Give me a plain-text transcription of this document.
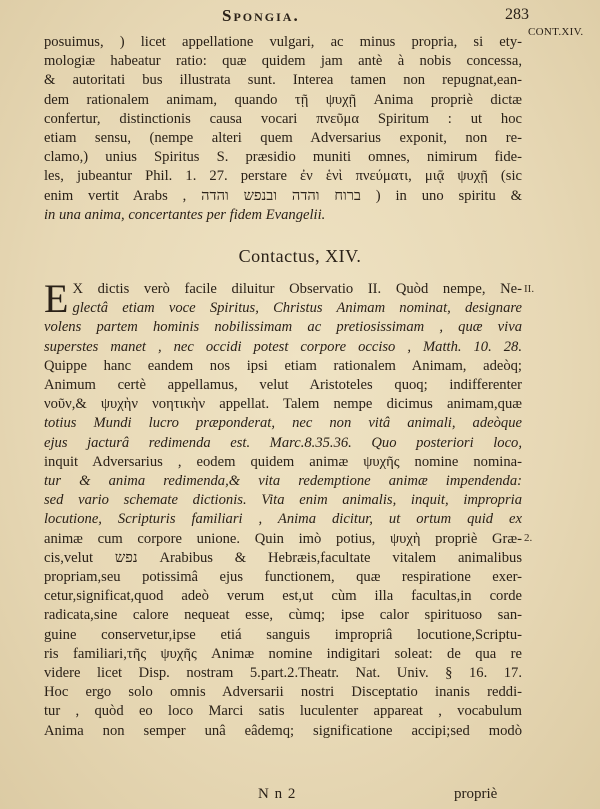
Spongia.	283
CONT.XIV.
posuimus, ) licet appellatione vulgari, ac minus propria, si ety-
mologiæ habeatur ratio: quæ quidem jam antè à nobis concessa,
& autoritati bus illustrata sunt. Interea tamen non repugnat,ean-
dem rationalem animam, quando τῇ ψυχῇ Anima propriè dictæ
confertur, distinctionis causa vocari πνεῦμα Spiritum : ut hoc
etiam sensu, (nempe alteri quem Adversarius exponit, non re-
clamo,) unius Spiritus S. præsidio muniti omnes, nimirum fide-
les, jubeantur Phil. 1. 27. perstare ἐν ἑνὶ πνεύματι, μιᾷ ψυχῇ (sic
enim vertit Arabs , ברוח והדה ובנפש והדה ) in uno spiritu &
in una anima, concertantes per fidem Evangelii.
Contactus, XIV.
E X dictis verò facile diluitur Observatio II. Quòd nempe, Ne-
glectâ etiam voce Spiritus, Christus Animam nominat, designare
volens partem hominis nobilissimam ac pretiosissimam , quæ viva
superstes manet , nec occidi potest corpore occiso , Matth. 10. 28.
Quippe hanc eandem nos ipsi etiam rationalem Animam, adeòq;
Animum certè appellamus, velut Aristoteles quoq; indifferenter
νοῦν,& ψυχὴν νοητικὴν appellat. Talem nempe dicimus animam,quæ
totius Mundi lucro præponderat, nec non vitâ animali, adeòque
ejus jacturâ redimenda est. Marc.8.35.36. Quo posteriori loco,
inquit Adversarius , eodem quidem animæ ψυχῆς nomine nomina-
tur & anima redimenda,& vita redemptione animæ impendenda:
sed vario schemate dictionis. Vita enim animalis, inquit, impropria
locutione, Scripturis familiari , Anima dicitur, ut ortum quid ex
animæ cum corpore unione. Quin imò potius, ψυχὴ propriè Græ-
cis,velut נפש Arabibus & Hebræis,facultate vitalem animalibus
propriam,seu potissimâ ejus functionem, quæ respiratione exer-
cetur,significat,quod adeò verum est,ut cùm illa facultas,in corde
radicata,sine calore nequeat esse, cùmq; ipse calor spirituoso san-
guine conservetur,ipse etiá sanguis impropriâ locutione,Scriptu-
ris familiari,τῆς ψυχῆς Animæ nomine indigitari soleat: de qua re
videre licet Disp. nostram 5.part.2.Theatr. Nat. Univ. § 16. 17.
Hoc ergo solo omnis Adversarii nostri Disceptatio inanis reddi-
tur , quòd eo loco Marci satis luculenter appareat , vocabulum
Anima non semper unâ eâdemq; significatione accipi;sed modò
II.
2.
N n 2	propriè
